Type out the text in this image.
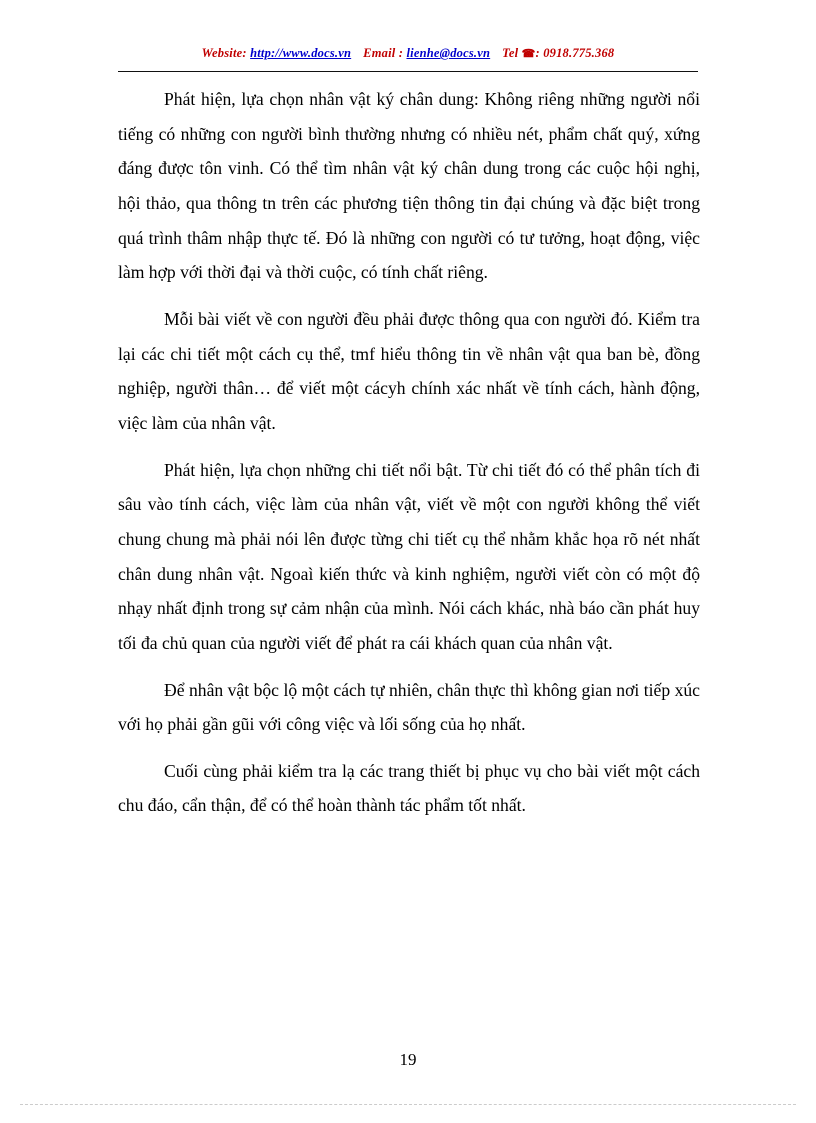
Website: http://www.docs.vn Email : lienhe@docs.vn Tel ☎: 0918.775.368

Phát hiện, lựa chọn nhân vật ký chân dung: Không riêng những người nổi tiếng có những con người bình thường nhưng có nhiều nét, phẩm chất quý, xứng đáng được tôn vinh. Có thể tìm nhân vật ký chân dung trong các cuộc hội nghị, hội thảo, qua thông tn trên các phương tiện thông tin đại chúng và đặc biệt trong quá trình thâm nhập thực tế. Đó là những con người có tư tưởng, hoạt động, việc làm hợp với thời đại và thời cuộc, có tính chất riêng.

Mỗi bài viết về con người đều phải được thông qua con người đó. Kiểm tra lại các chi tiết một cách cụ thể, tmf hiểu thông tin về nhân vật qua ban bè, đồng nghiệp, người thân… để viết một cácyh chính xác nhất về tính cách, hành động, việc làm của nhân vật.

Phát hiện, lựa chọn những chi tiết nổi bật. Từ chi tiết đó có thể phân tích đi sâu vào tính cách, việc làm của nhân vật, viết về một con người không thể viết chung chung mà phải nói lên được từng chi tiết cụ thể nhằm khắc họa rõ nét nhất chân dung nhân vật. Ngoaì kiến thức và kinh nghiệm, người viết còn có một độ nhạy nhất định trong sự cảm nhận của mình. Nói cách khác, nhà báo cần phát huy tối đa chủ quan của người viết để phát ra cái khách quan của nhân vật.

Để nhân vật bộc lộ một cách tự nhiên, chân thực thì không gian nơi tiếp xúc với họ phải gần gũi với công việc và lối sống của họ nhất.

Cuối cùng phải kiểm tra lạ các trang thiết bị phục vụ cho bài viết một cách chu đáo, cẩn thận, để có thể hoàn thành tác phẩm tốt nhất.

19
